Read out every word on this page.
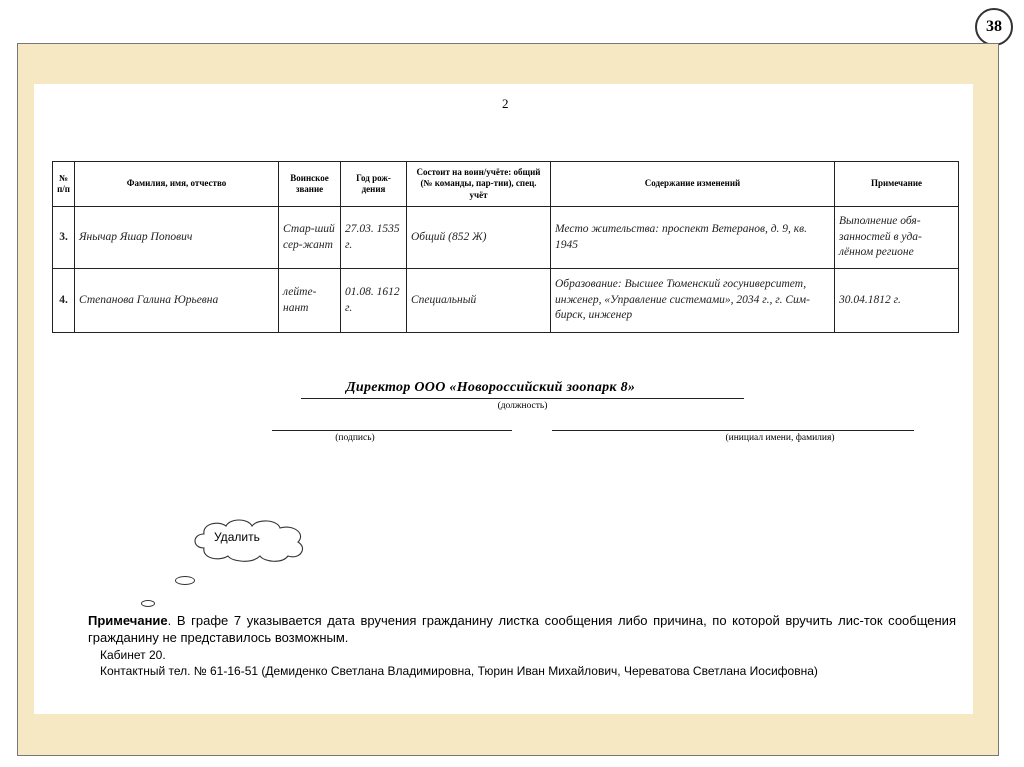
38
2
№ п/п	Фамилия, имя, отчество	Воинское звание	Год рож-дения	Состоит на воин/учёте: общий (№ команды, пар-тии), спец. учёт	Содержание изменений	Примечание
3.	Янычар Яшар Попович	Стар-ший сер-жант	27.03. 1535 г.	Общий (852 Ж)	Место жительства: проспект Ветеранов, д. 9, кв. 1945	Выполнение обя-занностей в уда-лённом регионе
4.	Степанова Галина Юрьевна	лейте-нант	01.08. 1612 г.	Специальный	Образование: Высшее Тюменский госуниверситет, инженер, «Управление системами», 2034 г., г. Сим-бирск, инженер	30.04.1812 г.
Директор ООО «Новороссийский зоопарк 8»
(должность)
(подпись)	(инициал имени, фамилия)
Удалить
Примечание. В графе 7 указывается дата вручения гражданину листка сообщения либо причина, по которой вручить лис-ток сообщения гражданину не представилось возможным.
Кабинет 20.
Контактный тел. № 61-16-51 (Демиденко Светлана Владимировна, Тюрин Иван Михайлович, Череватова Светлана Иосифовна)
